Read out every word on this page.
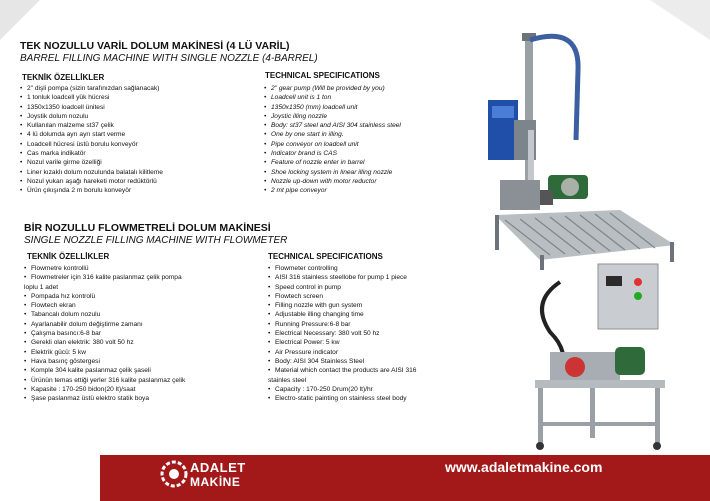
TEK NOZULLU VARİL DOLUM MAKİNESİ (4 LÜ VARİL)
BARREL FILLING MACHINE WITH SINGLE NOZZLE (4-BARREL)
TEKNİK ÖZELLİKLER	TECHNICAL SPECIFICATIONS
• 2" dişli pompa (sizin tarafınızdan sağlanacak)
• 1 tonluk loadcell yük hücresi
• 1350x1350 loadcell ünitesi
• Joystik dolum nozulu
• Kullanılan malzeme st37 çelik
• 4 lü dolumda ayrı ayrı start verme
• Loadcell hücresi üstü borulu konveyör
• Cas marka indikatör
• Nozul varile girme özelliği
• Liner kızaklı dolum nozulunda balatalı kilitleme
• Nozul yukarı aşağı hareketi motor redüktörlü
• Ürün çıkışında 2 m borulu konveyör
• 2" gear pump (Will be provided by you)
• Loadcell unit is 1 ton
• 1350x1350 (mm) loadcell unit
• Joystic illing nozzle
• Body: st37 steel and AISI 304 stainless steel
• One by one start in illing.
• Pipe conveyor on loadcell unit
• Indicator brand is CAS
• Feature of nozzle enter in barrel
• Shoe locking system in linear illing nozzle
• Nozzle up-down with motor reductor
• 2 mt pipe conveyor
BİR NOZULLU FLOWMETRELİ DOLUM MAKİNESİ
SINGLE NOZZLE FILLING MACHINE WITH FLOWMETER
TEKNİK ÖZELLİKLER	TECHNICAL SPECIFICATIONS
• Flowmetre kontrollü
• Flowmetreler için 316 kalite paslanmaz çelik pompa
loplu 1 adet
• Pompada hız kontrolü
• Flowtech ekran
• Tabancalı dolum nozulu
• Ayarlanabilir dolum değiştirme zamanı
• Çalışma basıncı:6-8 bar
• Gerekli olan elektrik: 380 volt 50 hz
• Elektrik gücü: 5 kw
• Hava basınç göstergesi
• Komple 304 kalite paslanmaz çelik şaseli
• Ürünün temas ettiği yerler 316 kalite paslanmaz çelik
• Kapasite : 170-250 bidon(20 lt)/saat
• Şase paslanmaz üstü elektro statik boya
• Flowmeter controlling
• AISI 316 stainless steellobe for pump 1 piece
• Speed control in pump
• Flowtech screen
• Filling nozzle with gun system
• Adjustable illing changing time
• Running Pressure:6-8 bar
• Electrical Necessary: 380 volt 50 hz
• Electrical Power: 5 kw
• Air Pressure indicator
• Body: AISI 304 Stainless Steel
• Material which contact the products are AISI 316
stainles steel
• Capacity : 170-250 Drum(20 lt)/hr
• Electro-static painting on stainless steel body
ADALET
MAKİNE
www.adaletmakine.com
